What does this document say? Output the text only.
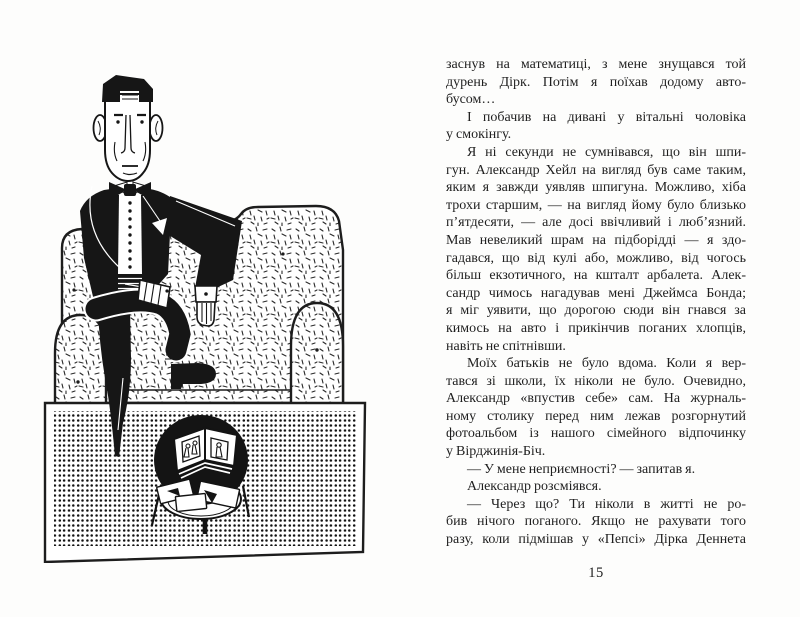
заснув на математиці, з мене знущався той
дурень Дірк. Потім я поїхав додому авто-
бусом…
І побачив на дивані у вітальні чоловіка
у смокінгу.
Я ні секунди не сумнівався, що він шпи-
гун. Александр Хейл на вигляд був саме таким,
яким я завжди уявляв шпигуна. Можливо, хіба
трохи старшим, — на вигляд йому було близько
п’ятдесяти, — але досі ввічливий і люб’язний.
Мав невеликий шрам на підборідді — я здо-
гадався, що від кулі або, можливо, від чогось
більш екзотичного, на кшталт арбалета. Алек-
сандр чимось нагадував мені Джеймса Бонда;
я міг уявити, що дорогою сюди він гнався за
кимось на авто і прикінчив поганих хлопців,
навіть не спітнівши.
Моїх батьків не було вдома. Коли я вер-
тався зі школи, їх ніколи не було. Очевидно,
Александр «впустив себе» сам. На журналь-
ному столику перед ним лежав розгорнутий
фотоальбом із нашого сімейного відпочинку
у Вірджинія-Біч.
— У мене неприємності? — запитав я.
Александр розсміявся.
— Через що? Ти ніколи в житті не ро-
бив нічого поганого. Якщо не рахувати того
разу, коли підмішав у «Пепсі» Дірка Деннета
15
